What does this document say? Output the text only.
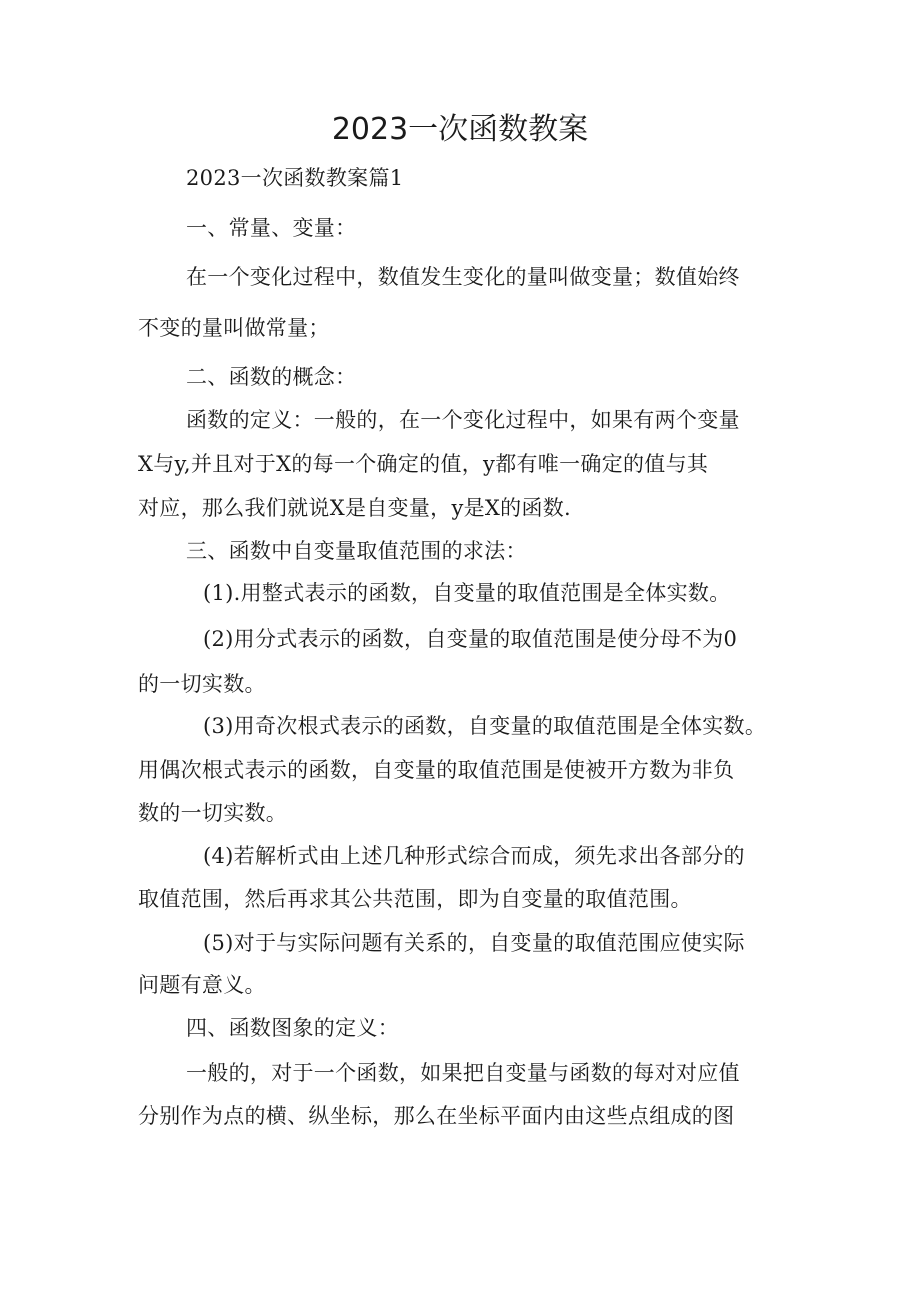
2023一次函数教案
2023一次函数教案篇1
一、常量、变量：
在一个变化过程中，数值发生变化的量叫做变量；数值始终
不变的量叫做常量；
二、函数的概念：
函数的定义：一般的，在一个变化过程中，如果有两个变量
X与y,并且对于X的每一个确定的值，y都有唯一确定的值与其
对应，那么我们就说X是自变量，y是X的函数.
三、函数中自变量取值范围的求法：
(1).用整式表示的函数，自变量的取值范围是全体实数。
(2)用分式表示的函数，自变量的取值范围是使分母不为0
的一切实数。
(3)用奇次根式表示的函数，自变量的取值范围是全体实数。
用偶次根式表示的函数，自变量的取值范围是使被开方数为非负
数的一切实数。
(4)若解析式由上述几种形式综合而成，须先求出各部分的
取值范围，然后再求其公共范围，即为自变量的取值范围。
(5)对于与实际问题有关系的，自变量的取值范围应使实际
问题有意义。
四、函数图象的定义：
一般的，对于一个函数，如果把自变量与函数的每对对应值
分别作为点的横、纵坐标，那么在坐标平面内由这些点组成的图
